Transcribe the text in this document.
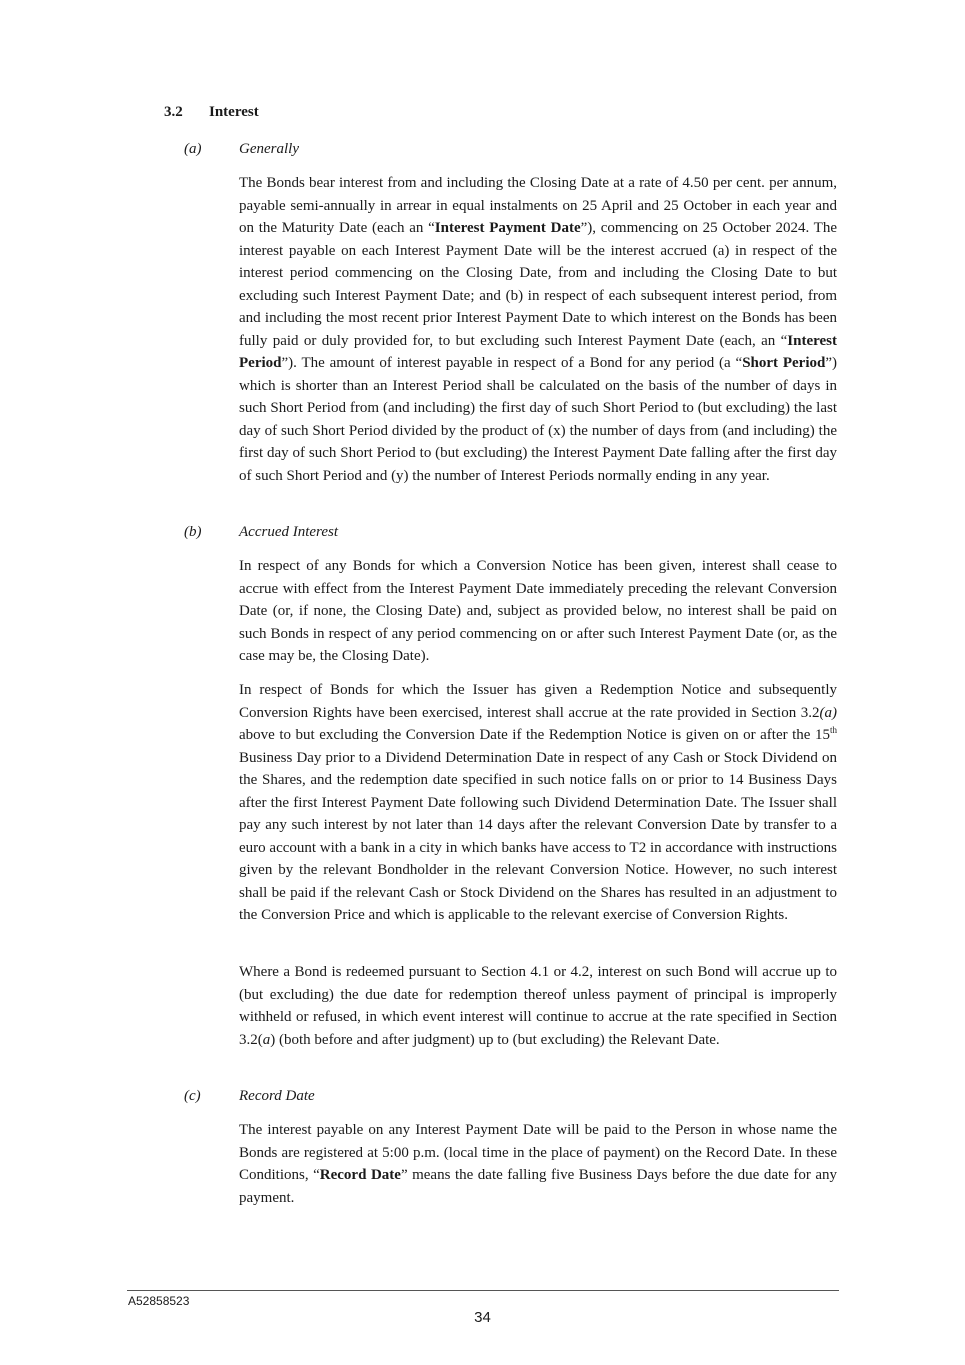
3.2	Interest
(a)	Generally

The Bonds bear interest from and including the Closing Date at a rate of 4.50 per cent. per annum, payable semi-annually in arrear in equal instalments on 25 April and 25 October in each year and on the Maturity Date (each an “Interest Payment Date”), commencing on 25 October 2024. The interest payable on each Interest Payment Date will be the interest accrued (a) in respect of the interest period commencing on the Closing Date, from and including the Closing Date to but excluding such Interest Payment Date; and (b) in respect of each subsequent interest period, from and including the most recent prior Interest Payment Date to which interest on the Bonds has been fully paid or duly provided for, to but excluding such Interest Payment Date (each, an “Interest Period”). The amount of interest payable in respect of a Bond for any period (a “Short Period”) which is shorter than an Interest Period shall be calculated on the basis of the number of days in such Short Period from (and including) the first day of such Short Period to (but excluding) the last day of such Short Period divided by the product of (x) the number of days from (and including) the first day of such Short Period to (but excluding) the Interest Payment Date falling after the first day of such Short Period and (y) the number of Interest Periods normally ending in any year.

(b)	Accrued Interest

In respect of any Bonds for which a Conversion Notice has been given, interest shall cease to accrue with effect from the Interest Payment Date immediately preceding the relevant Conversion Date (or, if none, the Closing Date) and, subject as provided below, no interest shall be paid on such Bonds in respect of any period commencing on or after such Interest Payment Date (or, as the case may be, the Closing Date).

In respect of Bonds for which the Issuer has given a Redemption Notice and subsequently Conversion Rights have been exercised, interest shall accrue at the rate provided in Section 3.2(a) above to but excluding the Conversion Date if the Redemption Notice is given on or after the 15th Business Day prior to a Dividend Determination Date in respect of any Cash or Stock Dividend on the Shares, and the redemption date specified in such notice falls on or prior to 14 Business Days after the first Interest Payment Date following such Dividend Determination Date. The Issuer shall pay any such interest by not later than 14 days after the relevant Conversion Date by transfer to a euro account with a bank in a city in which banks have access to T2 in accordance with instructions given by the relevant Bondholder in the relevant Conversion Notice. However, no such interest shall be paid if the relevant Cash or Stock Dividend on the Shares has resulted in an adjustment to the Conversion Price and which is applicable to the relevant exercise of Conversion Rights.

Where a Bond is redeemed pursuant to Section 4.1 or 4.2, interest on such Bond will accrue up to (but excluding) the due date for redemption thereof unless payment of principal is improperly withheld or refused, in which event interest will continue to accrue at the rate specified in Section 3.2(a) (both before and after judgment) up to (but excluding) the Relevant Date.

(c)	Record Date

The interest payable on any Interest Payment Date will be paid to the Person in whose name the Bonds are registered at 5:00 p.m. (local time in the place of payment) on the Record Date. In these Conditions, “Record Date” means the date falling five Business Days before the due date for any payment.

A52858523
34
